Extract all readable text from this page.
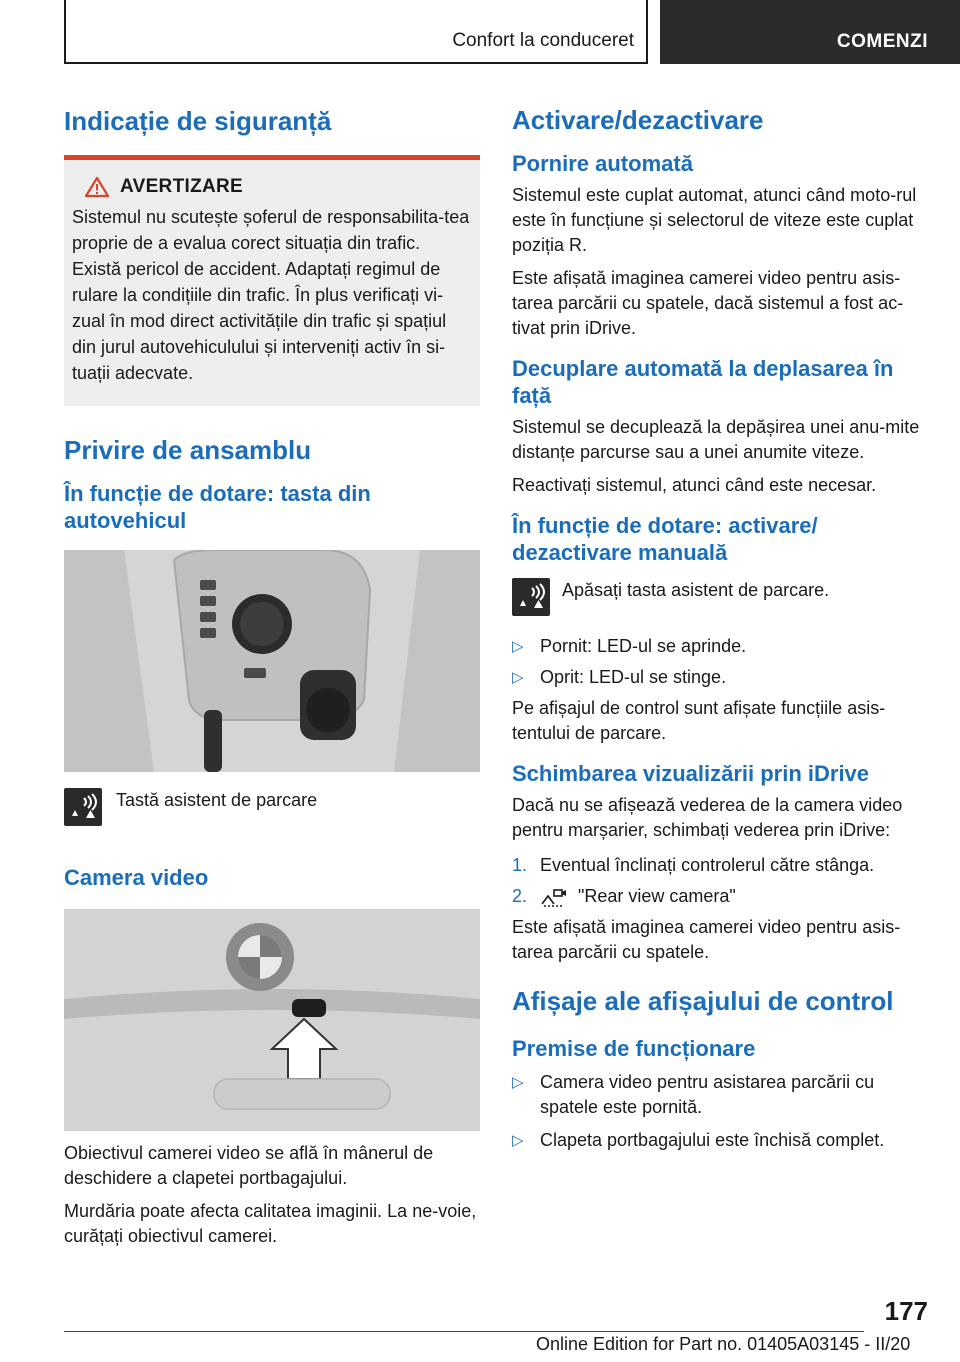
Confort la conduceret	COMENZI
Indicație de siguranță
AVERTIZARE

Sistemul nu scutește șoferul de responsabilita-tea proprie de a evalua corect situația din trafic. Există pericol de accident. Adaptați regimul de rulare la condițiile din trafic. În plus verificați vi-zual în mod direct activitățile din trafic și spațiul din jurul autovehiculului și interveniți activ în si-tuații adecvate.

Privire de ansamblu
În funcție de dotare: tasta din autovehicul

Tastă asistent de parcare

Camera video

Obiectivul camerei video se află în mânerul de deschidere a clapetei portbagajului.

Murdăria poate afecta calitatea imaginii. La ne-voie, curățați obiectivul camerei.

Activare/dezactivare
Pornire automată

Sistemul este cuplat automat, atunci când moto-rul este în funcțiune și selectorul de viteze este cuplat poziția R.

Este afișată imaginea camerei video pentru asis-tarea parcării cu spatele, dacă sistemul a fost ac-tivat prin iDrive.

Decuplare automată la deplasarea în față

Sistemul se decuplează la depășirea unei anu-mite distanțe parcurse sau a unei anumite viteze.

Reactivați sistemul, atunci când este necesar.

În funcție de dotare: activare/ dezactivare manuală

Apăsați tasta asistent de parcare.

▷ Pornit: LED-ul se aprinde.

▷ Oprit: LED-ul se stinge.

Pe afișajul de control sunt afișate funcțiile asis-tentului de parcare.

Schimbarea vizualizării prin iDrive

Dacă nu se afișează vederea de la camera video pentru marșarier, schimbați vederea prin iDrive:

1. Eventual înclinați controlerul către stânga.

2.	"Rear view camera"

Este afișată imaginea camerei video pentru asis-tarea parcării cu spatele.

Afișaje ale afișajului de control
Premise de funcționare
▷ Camera video pentru asistarea parcării cu spatele este pornită.

▷ Clapeta portbagajului este închisă complet.

177
Online Edition for Part no. 01405A03145 - II/20
